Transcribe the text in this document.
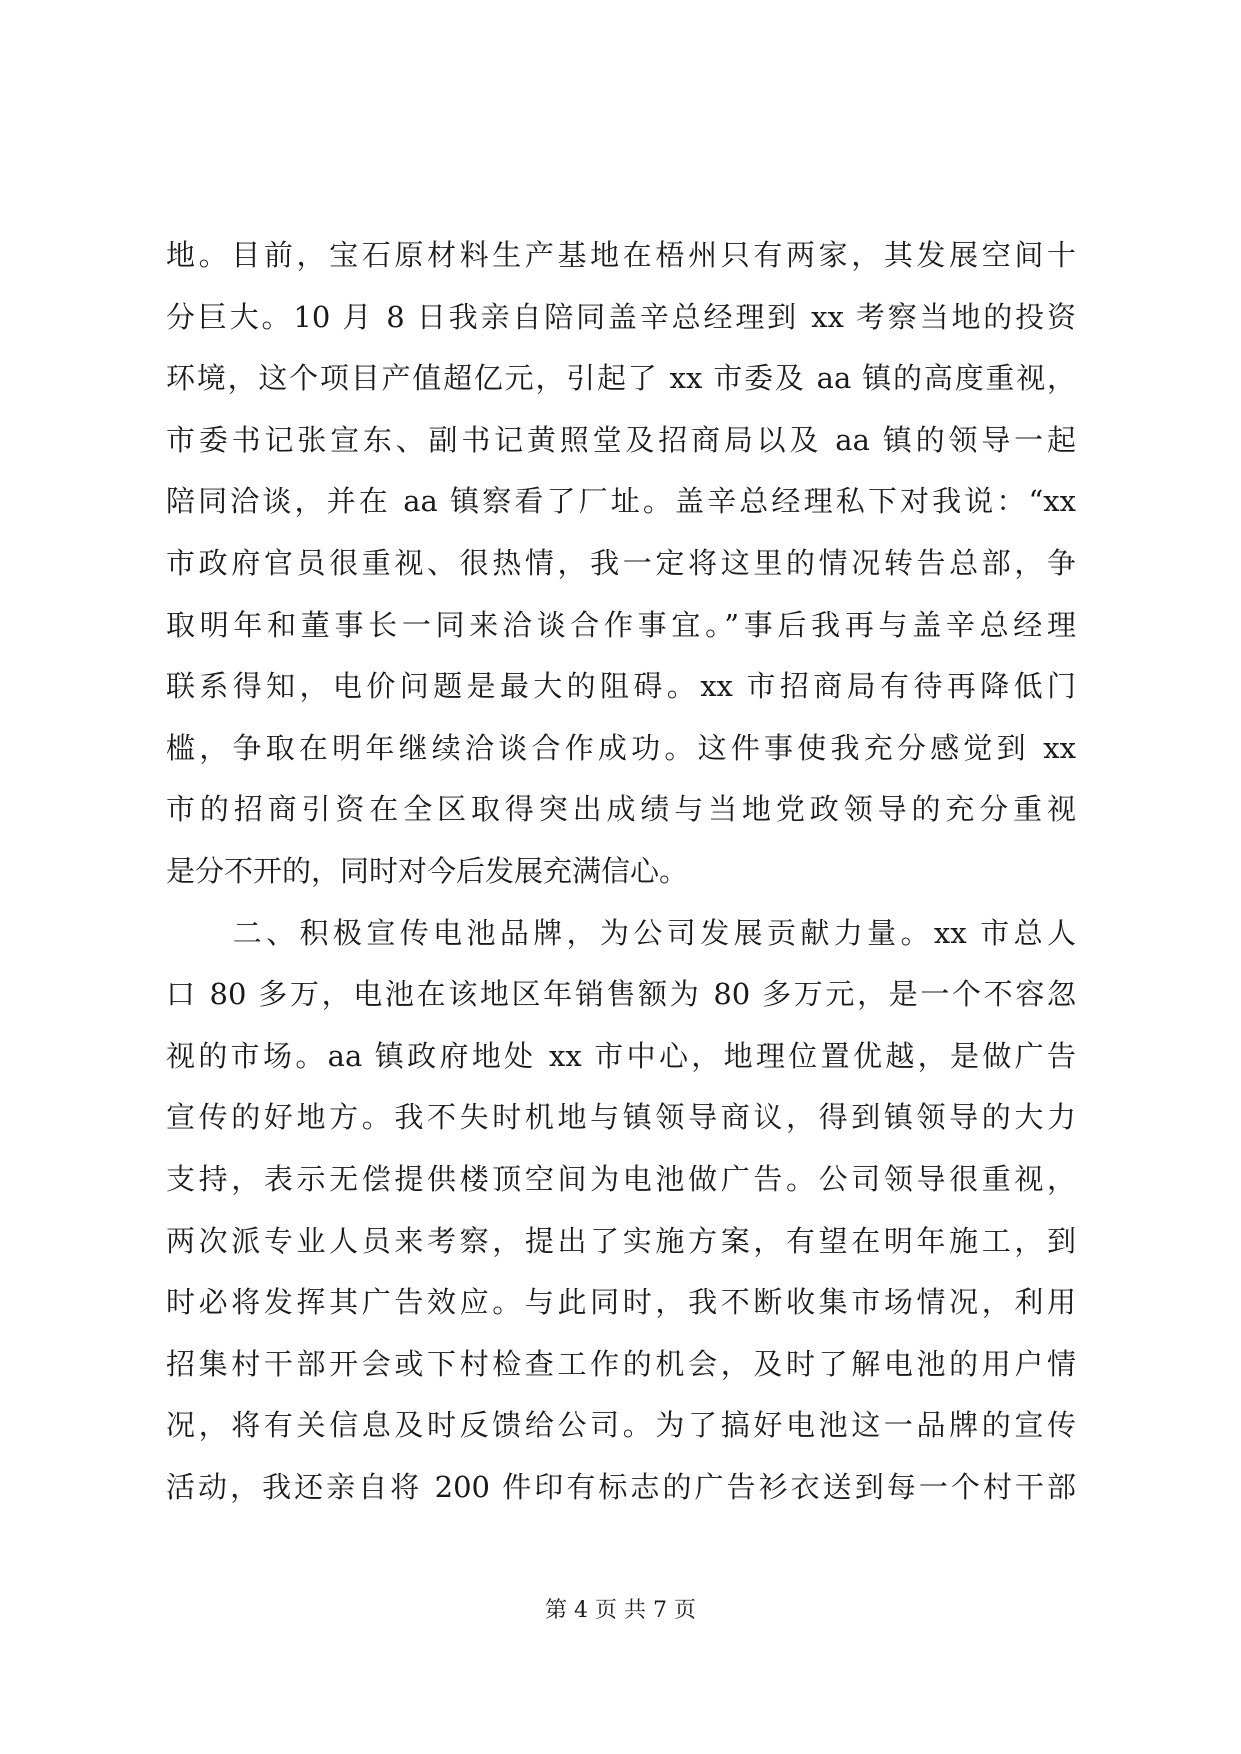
地。目前，宝石原材料生产基地在梧州只有两家，其发展空间十
分巨大。10 月 8 日我亲自陪同盖辛总经理到 xx 考察当地的投资
环境，这个项目产值超亿元，引起了 xx 市委及 aa 镇的高度重视，
市委书记张宣东、副书记黄照堂及招商局以及 aa 镇的领导一起
陪同洽谈，并在 aa 镇察看了厂址。盖辛总经理私下对我说：“xx
市政府官员很重视、很热情，我一定将这里的情况转告总部，争
取明年和董事长一同来洽谈合作事宜。”事后我再与盖辛总经理
联系得知，电价问题是最大的阻碍。xx 市招商局有待再降低门
槛，争取在明年继续洽谈合作成功。这件事使我充分感觉到 xx
市的招商引资在全区取得突出成绩与当地党政领导的充分重视
是分不开的，同时对今后发展充满信心。
　　二、积极宣传电池品牌，为公司发展贡献力量。xx 市总人
口 80 多万，电池在该地区年销售额为 80 多万元，是一个不容忽
视的市场。aa 镇政府地处 xx 市中心，地理位置优越，是做广告
宣传的好地方。我不失时机地与镇领导商议，得到镇领导的大力
支持，表示无偿提供楼顶空间为电池做广告。公司领导很重视，
两次派专业人员来考察，提出了实施方案，有望在明年施工，到
时必将发挥其广告效应。与此同时，我不断收集市场情况，利用
招集村干部开会或下村检查工作的机会，及时了解电池的用户情
况，将有关信息及时反馈给公司。为了搞好电池这一品牌的宣传
活动，我还亲自将 200 件印有标志的广告衫衣送到每一个村干部
第 4 页 共 7 页
